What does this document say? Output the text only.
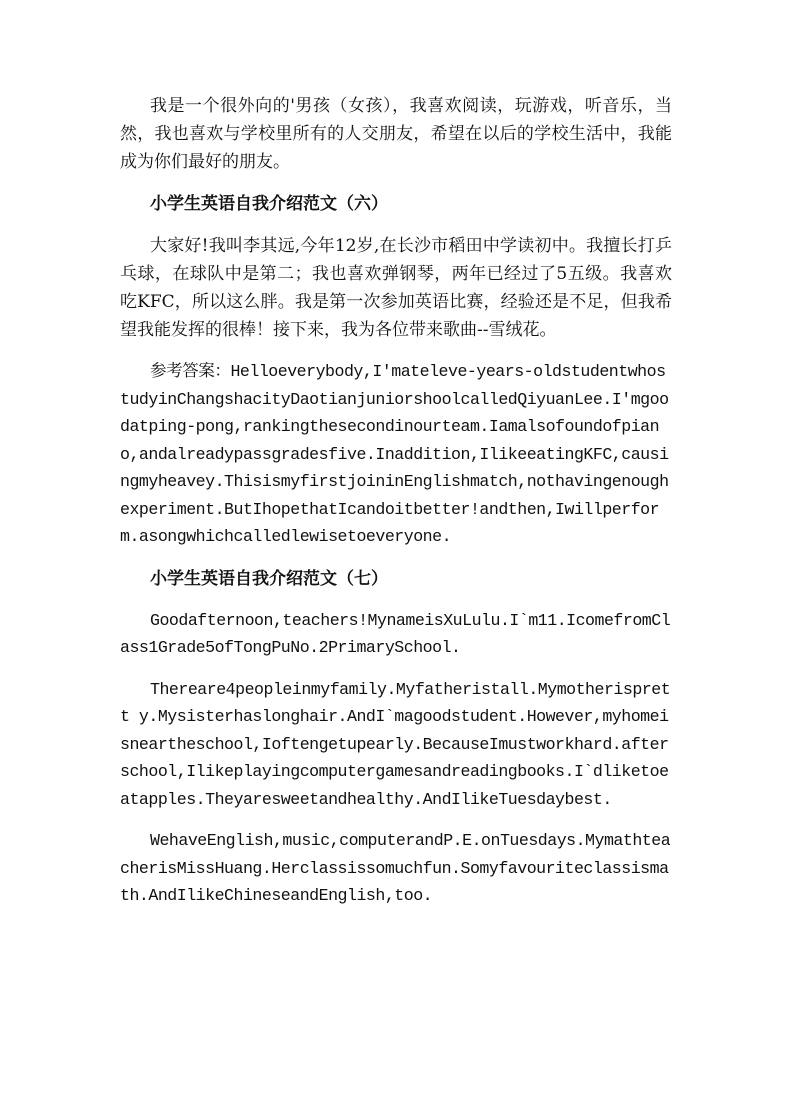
我是一个很外向的'男孩（女孩），我喜欢阅读，玩游戏，听音乐，当然，我也喜欢与学校里所有的人交朋友，希望在以后的学校生活中，我能成为你们最好的朋友。

小学生英语自我介绍范文（六）

大家好!我叫李其远,今年12岁,在长沙市稻田中学读初中。我擅长打乒乓球，在球队中是第二；我也喜欢弹钢琴，两年已经过了5五级。我喜欢吃KFC，所以这么胖。我是第一次参加英语比赛，经验还是不足，但我希望我能发挥的很棒！接下来，我为各位带来歌曲--雪绒花。

参考答案：Helloeverybody,I'mateleve-years-oldstudentwhostudyinChangshacityDaotianjuniorshoolcalledQiyuanLee.I'mgoodatping-pong,rankingthesecondinourteam.Iamalsofoundofpiano,andalreadypassgradesfive.Inaddition,IlikeeatingKFC,causingmyheavey.ThisismyfirstjoininEnglishmatch,nothavingenoughexperiment.ButIhopethatIcandoitbetter!andthen,Iwillperform.asongwhichcalledlewisetoeveryone.

小学生英语自我介绍范文（七）

Goodafternoon,teachers!MynameisXuLulu.I`m11.IcomefromClass1Grade5ofTongPuNo.2PrimarySchool.

Thereare4peopleinmyfamily.Myfatheristall.Mymotherisprett y.Mysisterhaslonghair.AndI`magoodstudent.However,myhomeisneartheschool,Ioftengetupearly.BecauseImustworkhard.afterschool,Ilikeplayingcomputergamesandreadingbooks.I`dliketoeatapples.Theyaresweetandhealthy.AndIlikeTuesdaybest.

WehaveEnglish,music,computerandP.E.onTuesdays.MymathteacherisMissHuang.Herclassissomuchfun.Somyfavouriteclassismath.AndIlikeChineseandEnglish,too.
